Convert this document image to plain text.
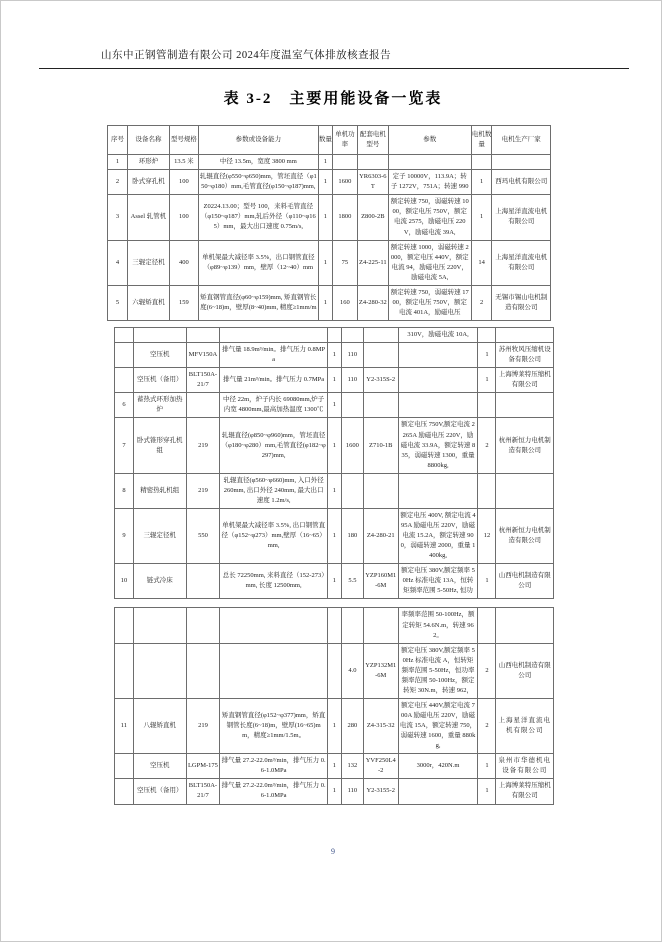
山东中正钢管制造有限公司 2024年度温室气体排放核查报告
表 3-2　主要用能设备一览表
序号	设备名称	型号规格	参数或设备能力	数量	单机功率	配套电机型号	参数	电机数量	电机生产厂家
1	环形炉	13.5 米	中径 13.5m，宽度 3800 mm	1					
2	卧式穿孔机	100	轧辊直径(φ550~φ650)mm，管坯直径（φ150~φ180）mm,毛管直径(φ150~φ187)mm,	1	1600	YR6303-6T	定子 10000V，113.9A；转子 1272V，751A；转速 990	1	西玛电机有限公司
3	Assel 轧管机	100	Z0224.13.00；型号 100，来料毛管直径（φ150~φ187）mm,轧后外径（φ110~φ165）mm，最大出口速度 0.75m/s,	1	1800	Z800-2B	额定转速 750，弱磁转速 1000，额定电压 750V，额定电流 2575，励磁电压 220V，励磁电流 39A,	1	上海星洋直流电机有限公司
4	三辊定径机	400	单机架最大减径率 3.5%，出口钢管直径（φ89~φ139）mm，壁厚（12~40）mm	1	75	Z4-225-11	额定转速 1000，弱磁转速 2000，额定电压 440V，额定电流 94，励磁电压 220V，励磁电流 5A,	14	上海星洋直流电机有限公司
5	六辊矫直机	159	矫直钢管直径(φ60~φ159)mm, 矫直钢管长度(6~18)m，壁厚(8~40)mm, 精度≥1mm/m	1	160	Z4-280-32	额定转速 750，弱磁转速 1700，额定电压 750V，额定电流 401A，励磁电压	2	无锡市锡山电机制造有限公司
							310V，励磁电流 10A,		
	空压机	MFV150A	排气量 18.9m³/min。排气压力 0.8MPa	1	110			1	苏州牧风压缩机设备有限公司
	空压机（备用）	BLT150A-21/7	排气量 21m³/min。排气压力 0.7MPa	1	110	Y2-315S-2		1	上海博莱特压缩机有限公司
6	蓄热式环形加热炉		中径 22m，炉子内长 69080mm,炉子内宽 4800mm,最高加热温度 1300℃	1					
7	卧式锥形穿孔机组	219	轧辊直径(φ850~φ960)mm，管坯直径（φ180~φ280）mm,毛管直径(φ182~φ297)mm,	1	1600	Z710-1B	额定电压 750V,额定电流 2265A 励磁电压 220V，励磁电流 33.9A，额定转速 835，弱磁转速 1300，重量 8800kg,	2	杭州新恒力电机制造有限公司
8	精密热轧机组	219	轧辊直径(φ560~φ660)mm, 入口外径 260mm, 出口外径 240mm, 最大出口速度 1.2m/s,	1					
9	三辊定径机	550	单机架最大减径率 3.5%, 出口钢管直径（φ152~φ273）mm,壁厚（16~65）mm,	1	180	Z4-280-21	额定电压 400V, 额定电流 495A 励磁电压 220V，励磁电流 15.2A，额定转速 900，弱磁转速 2000，重量 1400kg,	12	杭州新恒力电机制造有限公司
10	链式冷床		总长 72250mm, 来料直径（152-273）mm, 长度 12500mm,	1	5.5	YZP160M1-6M	额定电压 380V,额定频率 50Hz 标准电流 13A，恒转矩频率范围 5-50Hz, 恒功	1	山西电机制造有限公司
							率频率范围 50-100Hz，额定转矩 54.6N.m，转速 962。		
					4.0	YZP132M1-6M	额定电压 380V,额定频率 50Hz 标准电流 A，恒转矩频率范围 5-50Hz，恒功率频率范围 50-100Hz，额定转矩 30N.m，转速 962，	2	山西电机制造有限公司
11	八辊矫直机	219	矫直钢管直径(φ152~φ377)mm，矫直钢管长度(6~18)m，壁厚(16~65)mm，精度≥1mm/1.5m。	1	280	Z4-315-32	额定电压 440V,额定电流 700A 励磁电压 220V，励磁电流 15A，额定转速 750，弱磁转速 1600，重量 880kg,	2	上海星洋直流电机有限公司
	空压机	LGPM-175	排气量 27.2-22.0m³/min，排气压力 0.6-1.0MPa	1	132	YVF250L4-2	3000r，420N.m	1	泉州市华德机电设备有限公司
	空压机（备用）	BLT150A-21/7	排气量 27.2-22.0m³/min，排气压力 0.6-1.0MPa	1	110	Y2-3155-2		1	上海博莱特压缩机有限公司
9
